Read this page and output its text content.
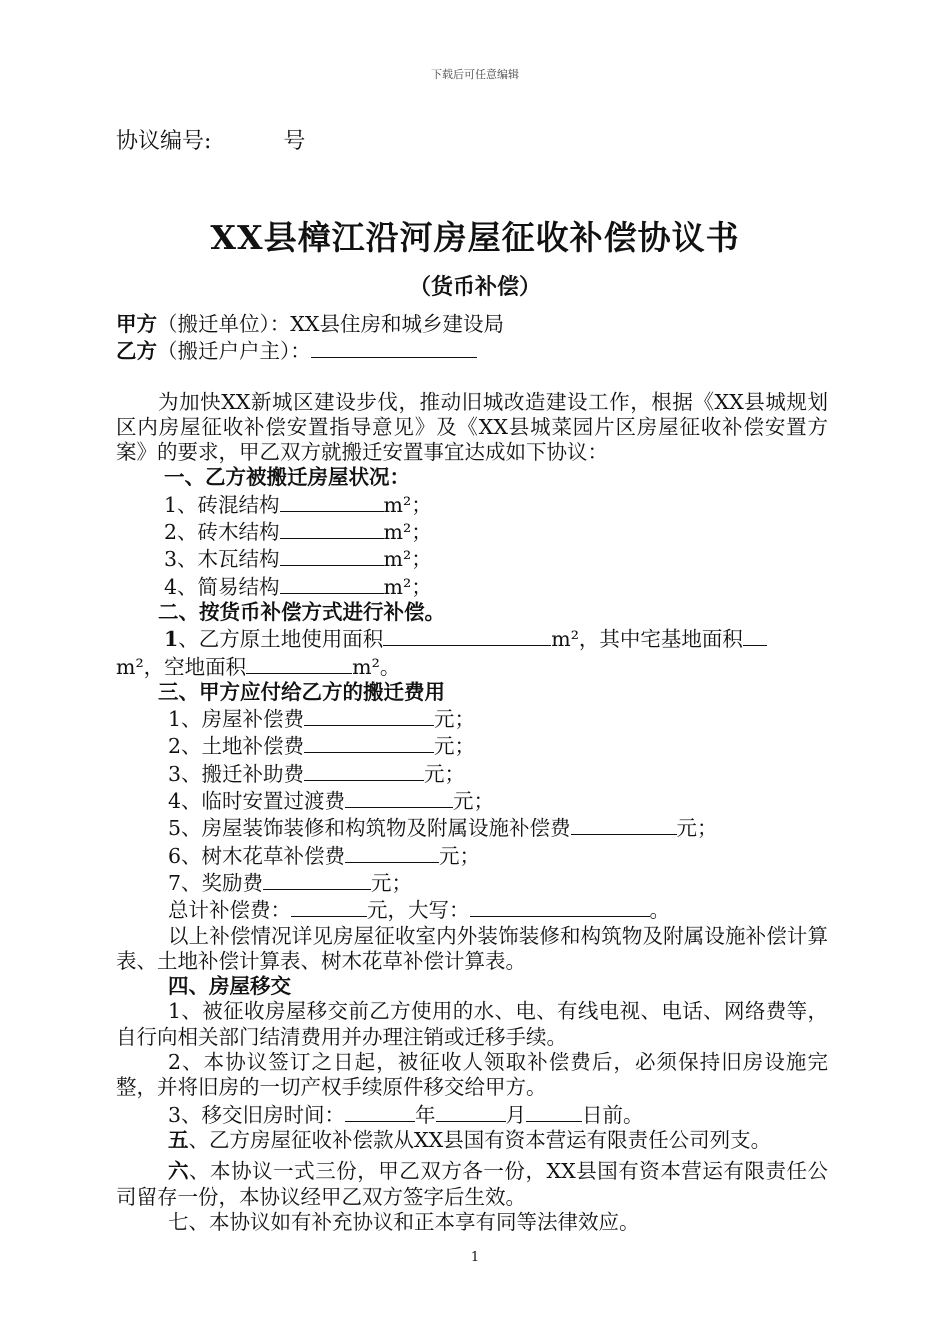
下载后可任意编辑
协议编号:	号
XX县樟江沿河房屋征收补偿协议书
（货币补偿）

甲方（搬迁单位）：XX县住房和城乡建设局

乙方（搬迁户户主）：

为加快XX新城区建设步伐，推动旧城改造建设工作，根据《XX县城规划区内房屋征收补偿安置指导意见》及《XX县城菜园片区房屋征收补偿安置方案》的要求，甲乙双方就搬迁安置事宜达成如下协议：

一、乙方被搬迁房屋状况：

1、砖混结构	m²；

2、砖木结构	m²；

3、木瓦结构	m²；

4、简易结构	m²；

二、按货币补偿方式进行补偿。

1、乙方原土地使用面积	m²，其中宅基地面积

m²，空地面积	m²。

三、甲方应付给乙方的搬迁费用

1、房屋补偿费	元；

2、土地补偿费	元；

3、搬迁补助费	元；

4、临时安置过渡费	元；

5、房屋装饰装修和构筑物及附属设施补偿费	元；

6、树木花草补偿费	元；

7、奖励费	元；

总计补偿费：	元，大写：	。

以上补偿情况详见房屋征收室内外装饰装修和构筑物及附属设施补偿计算表、土地补偿计算表、树木花草补偿计算表。

四、房屋移交

1、被征收房屋移交前乙方使用的水、电、有线电视、电话、网络费等，自行向相关部门结清费用并办理注销或迁移手续。

2、本协议签订之日起，被征收人领取补偿费后，必须保持旧房设施完整，并将旧房的一切产权手续原件移交给甲方。

3、移交旧房时间：	年	月	日前。

五、乙方房屋征收补偿款从XX县国有资本营运有限责任公司列支。

六、本协议一式三份，甲乙双方各一份，XX县国有资本营运有限责任公司留存一份，本协议经甲乙双方签字后生效。

七、本协议如有补充协议和正本享有同等法律效应。

1
